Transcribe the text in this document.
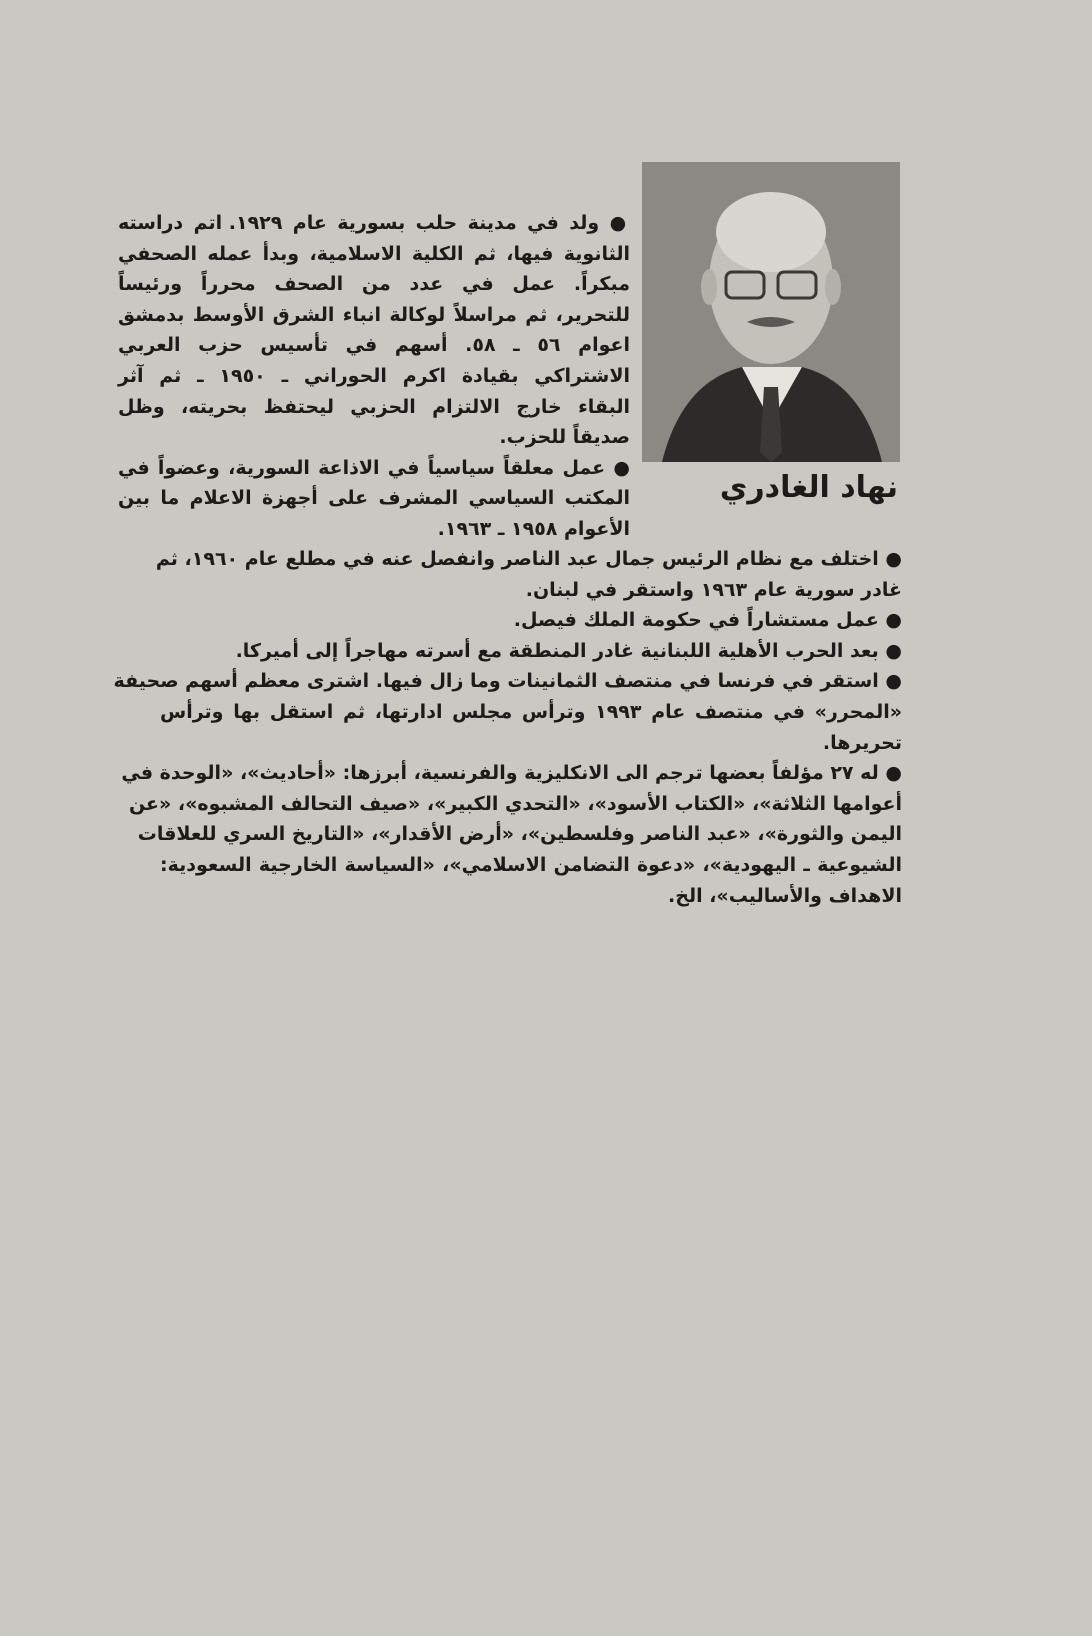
نهاد الغادري
● ولد في مدينة حلب بسورية عام ١٩٢٩. اتم دراسته
الثانوية فيها، ثم الكلية الاسلامية، وبدأ عمله الصحفي
مبكراً. عمل في عدد من الصحف محرراً ورئيساً
للتحرير، ثم مراسلاً لوكالة انباء الشرق الأوسط بدمشق
اعوام ٥٦ ـ ٥٨. أسهم في تأسيس حزب العربي
الاشتراكي بقيادة اكرم الحوراني ـ ١٩٥٠ ـ ثم آثر
البقاء خارج الالتزام الحزبي ليحتفظ بحريته، وظل
صديقاً للحزب.
● عمل معلقاً سياسياً في الاذاعة السورية، وعضواً في
المكتب السياسي المشرف على أجهزة الاعلام ما بين
الأعوام ١٩٥٨ ـ ١٩٦٣.
● اختلف مع نظام الرئيس جمال عبد الناصر وانفصل عنه في مطلع عام ١٩٦٠، ثم
غادر سورية عام ١٩٦٣ واستقر في لبنان.
● عمل مستشاراً في حكومة الملك فيصل.
● بعد الحرب الأهلية اللبنانية غادر المنطقة مع أسرته مهاجراً إلى أميركا.
● استقر في فرنسا في منتصف الثمانينات وما زال فيها. اشترى معظم أسهم صحيفة
«المحرر» في منتصف عام ١٩٩٣ وترأس مجلس ادارتها، ثم استقل بها وترأس
تحريرها.
● له ٢٧ مؤلفاً بعضها ترجم الى الانكليزية والفرنسية، أبرزها: «أحاديث»، «الوحدة في
أعوامها الثلاثة»، «الكتاب الأسود»، «التحدي الكبير»، «صيف التحالف المشبوه»، «عن
اليمن والثورة»، «عبد الناصر وفلسطين»، «أرض الأقدار»، «التاريخ السري للعلاقات
الشيوعية ـ اليهودية»، «دعوة التضامن الاسلامي»، «السياسة الخارجية السعودية:
الاهداف والأساليب»، الخ.
